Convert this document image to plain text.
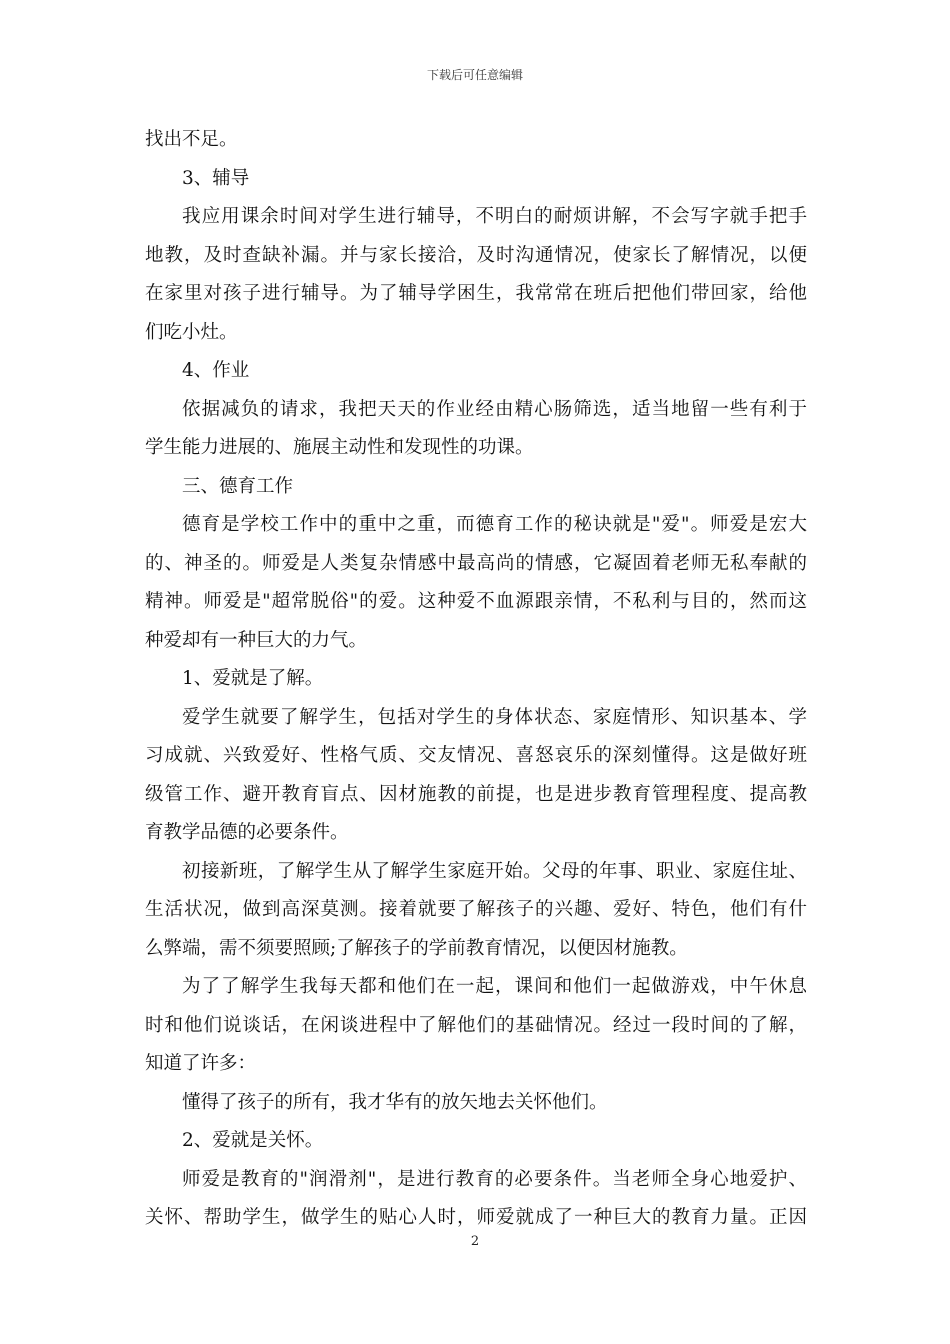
下载后可任意编辑
找出不足。
3、辅导
我应用课余时间对学生进行辅导，不明白的耐烦讲解，不会写字就手把手
地教，及时查缺补漏。并与家长接洽，及时沟通情况，使家长了解情况，以便
在家里对孩子进行辅导。为了辅导学困生，我常常在班后把他们带回家，给他
们吃小灶。
4、作业
依据减负的请求，我把天天的作业经由精心肠筛选，适当地留一些有利于
学生能力进展的、施展主动性和发现性的功课。
三、德育工作
德育是学校工作中的重中之重，而德育工作的秘诀就是"爱"。师爱是宏大
的、神圣的。师爱是人类复杂情感中最高尚的情感，它凝固着老师无私奉献的
精神。师爱是"超常脱俗"的爱。这种爱不血源跟亲情，不私利与目的，然而这
种爱却有一种巨大的力气。
1、爱就是了解。
爱学生就要了解学生，包括对学生的身体状态、家庭情形、知识基本、学
习成就、兴致爱好、性格气质、交友情况、喜怒哀乐的深刻懂得。这是做好班
级管工作、避开教育盲点、因材施教的前提，也是进步教育管理程度、提高教
育教学品德的必要条件。
初接新班，了解学生从了解学生家庭开始。父母的年事、职业、家庭住址、
生活状况，做到高深莫测。接着就要了解孩子的兴趣、爱好、特色，他们有什
么弊端，需不须要照顾;了解孩子的学前教育情况，以便因材施教。
为了了解学生我每天都和他们在一起，课间和他们一起做游戏，中午休息
时和他们说谈话，在闲谈进程中了解他们的基础情况。经过一段时间的了解，
知道了许多：
懂得了孩子的所有，我才华有的放矢地去关怀他们。
2、爱就是关怀。
师爱是教育的"润滑剂"，是进行教育的必要条件。当老师全身心地爱护、
关怀、帮助学生，做学生的贴心人时，师爱就成了一种巨大的教育力量。正因
2
